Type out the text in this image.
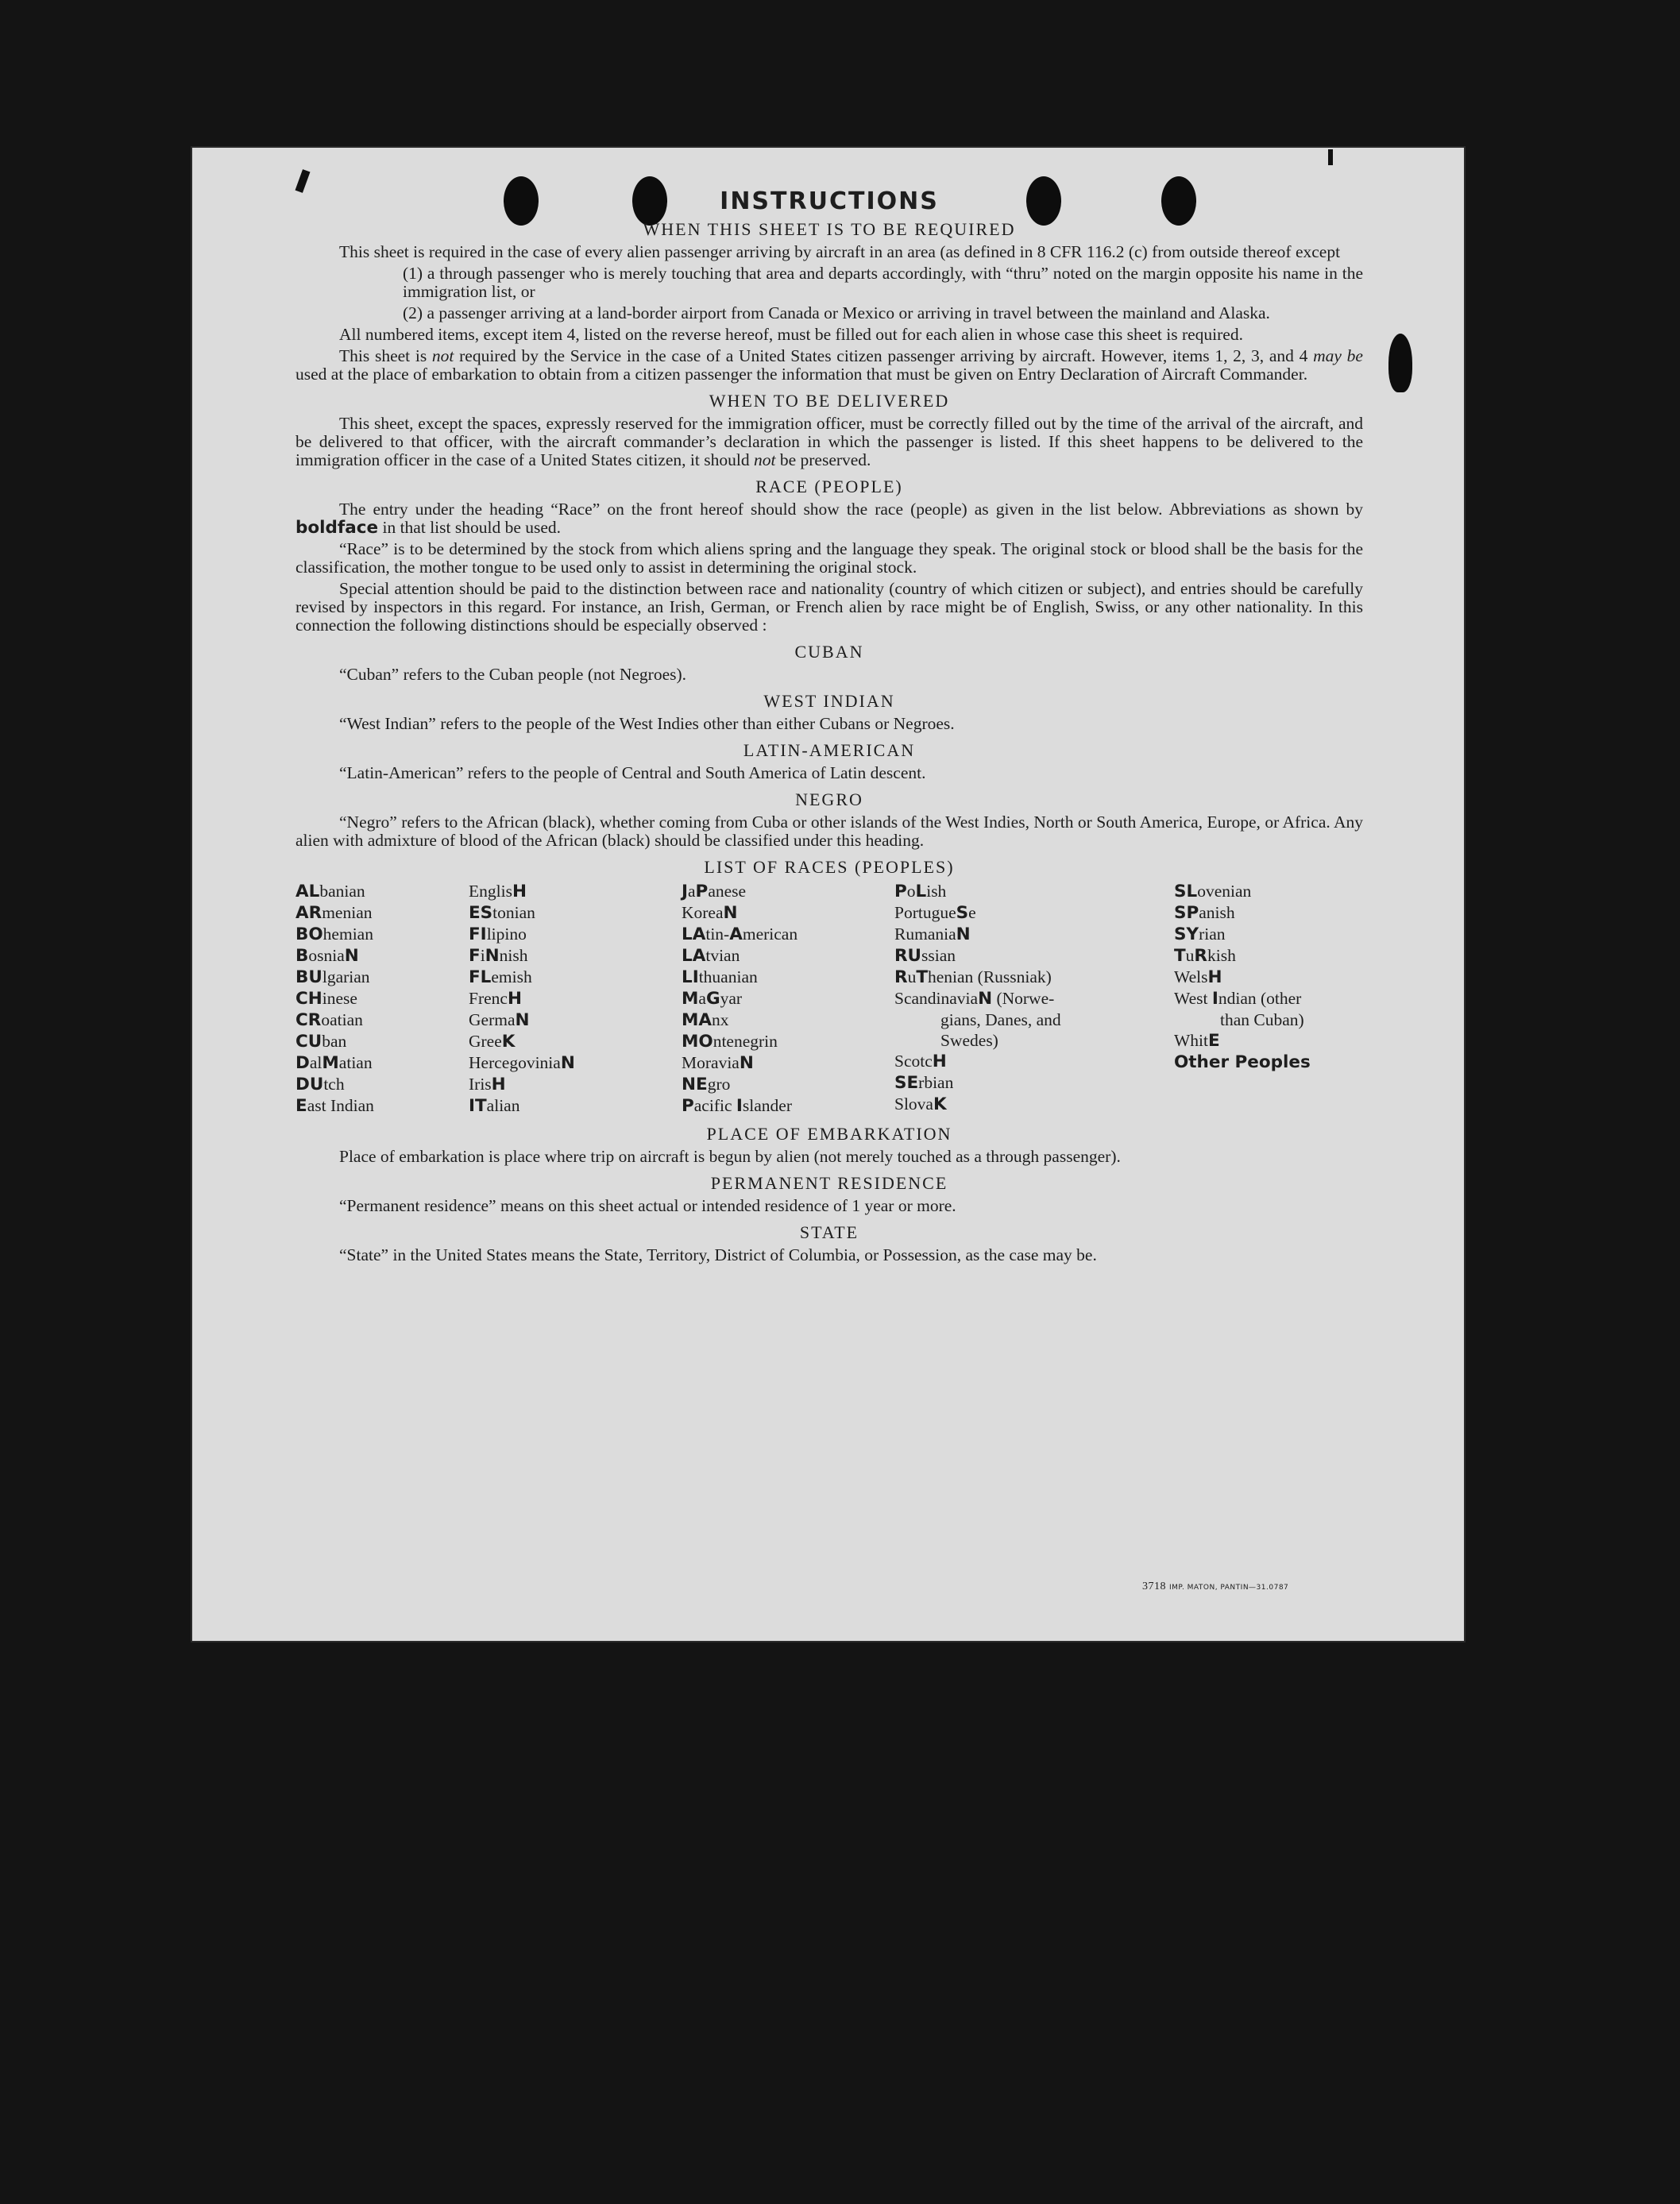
INSTRUCTIONS
WHEN THIS SHEET IS TO BE REQUIRED

This sheet is required in the case of every alien passenger arriving by aircraft in an area (as defined in 8 CFR 116.2 (c) from outside thereof except

(1) a through passenger who is merely touching that area and departs accordingly, with “thru” noted on the margin opposite his name in the immigration list, or

(2) a passenger arriving at a land-border airport from Canada or Mexico or arriving in travel between the mainland and Alaska.

All numbered items, except item 4, listed on the reverse hereof, must be filled out for each alien in whose case this sheet is required.

This sheet is not required by the Service in the case of a United States citizen passenger arriving by aircraft. However, items 1, 2, 3, and 4 may be used at the place of embarkation to obtain from a citizen passenger the information that must be given on Entry Declaration of Aircraft Commander.

WHEN TO BE DELIVERED

This sheet, except the spaces, expressly reserved for the immigration officer, must be correctly filled out by the time of the arrival of the aircraft, and be delivered to that officer, with the aircraft commander’s declaration in which the passenger is listed. If this sheet happens to be delivered to the immigration officer in the case of a United States citizen, it should not be preserved.

RACE (PEOPLE)

The entry under the heading “Race” on the front hereof should show the race (people) as given in the list below. Abbreviations as shown by boldface in that list should be used.

“Race” is to be determined by the stock from which aliens spring and the language they speak. The original stock or blood shall be the basis for the classification, the mother tongue to be used only to assist in determining the original stock.

Special attention should be paid to the distinction between race and nationality (country of which citizen or subject), and entries should be carefully revised by inspectors in this regard. For instance, an Irish, German, or French alien by race might be of English, Swiss, or any other nationality. In this connection the following distinctions should be especially observed :

CUBAN

“Cuban” refers to the Cuban people (not Negroes).

WEST INDIAN

“West Indian” refers to the people of the West Indies other than either Cubans or Negroes.

LATIN-AMERICAN

“Latin-American” refers to the people of Central and South America of Latin descent.

NEGRO

“Negro” refers to the African (black), whether coming from Cuba or other islands of the West Indies, North or South America, Europe, or Africa. Any alien with admixture of blood of the African (black) should be classified under this heading.

LIST OF RACES (PEOPLES)
ALbanian
ARmenian
BOhemian
BosniaN
BUlgarian
CHinese
CRoatian
CUban
DalMatian
DUtch
East Indian
EnglisH
EStonian
FIlipino
FiNnish
FLemish
FrencH
GermaN
GreeK
HercegoviniaN
IrisH
ITalian
JaPanese
KoreaN
LAtin-American
LAtvian
LIthuanian
MaGyar
MAnx
MOntenegrin
MoraviaN
NEgro
Pacific Islander
PoLish
PortugueSe
RumaniaN
RUssian
RuThenian (Russniak)
ScandinaviaN (Norwe-
gians, Danes, and
Swedes)
ScotcH
SErbian
SlovaK
SLovenian
SPanish
SYrian
TuRkish
WelsH
West Indian (other
than Cuban)
WhitE
Other Peoples
PLACE OF EMBARKATION

Place of embarkation is place where trip on aircraft is begun by alien (not merely touched as a through passenger).

PERMANENT RESIDENCE

“Permanent residence” means on this sheet actual or intended residence of 1 year or more.

STATE

“State” in the United States means the State, Territory, District of Columbia, or Possession, as the case may be.

3718 IMP. MATON, PANTIN—31.0787
